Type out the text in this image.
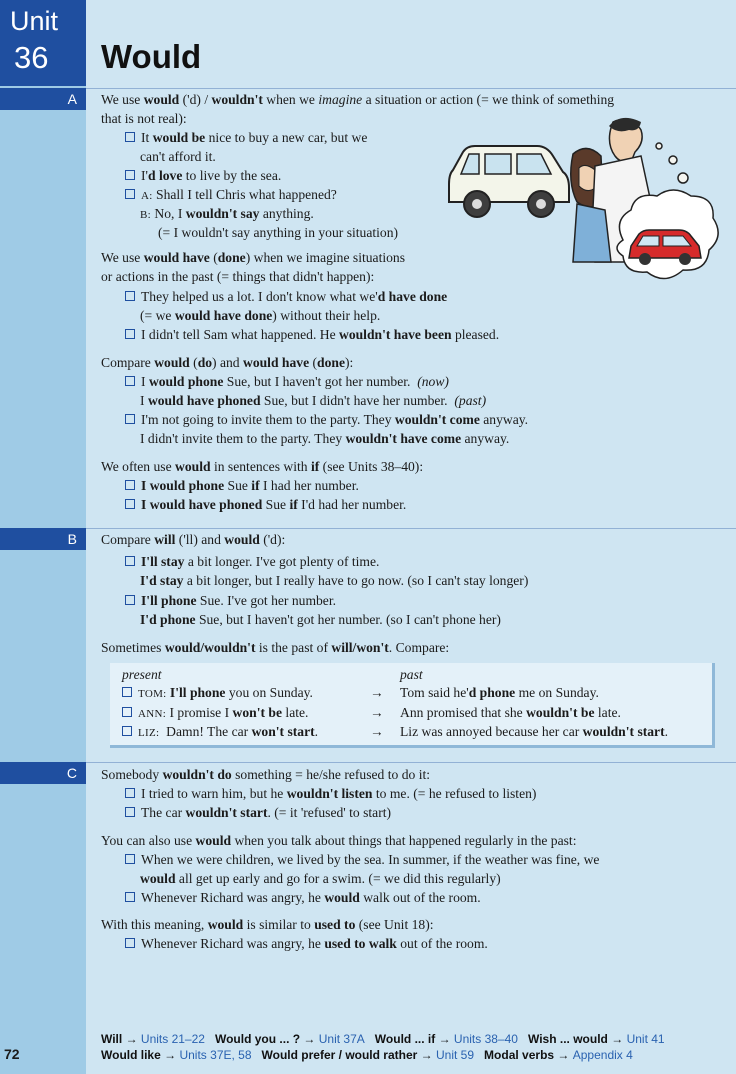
Unit
36 Would
A
B
C
We use would ('d) / wouldn't when we imagine a situation or action (= we think of something
that is not real):
It would be nice to buy a new car, but we
can't afford it.
I'd love to live by the sea.
A: Shall I tell Chris what happened?
B: No, I wouldn't say anything.
(= I wouldn't say anything in your situation)
We use would have (done) when we imagine situations
or actions in the past (= things that didn't happen):
They helped us a lot. I don't know what we'd have done
(= we would have done) without their help.
I didn't tell Sam what happened. He wouldn't have been pleased.
Compare would (do) and would have (done):
I would phone Sue, but I haven't got her number. (now)
I would have phoned Sue, but I didn't have her number. (past)
I'm not going to invite them to the party. They wouldn't come anyway.
I didn't invite them to the party. They wouldn't have come anyway.
We often use would in sentences with if (see Units 38–40):
I would phone Sue if I had her number.
I would have phoned Sue if I'd had her number.
Compare will ('ll) and would ('d):
I'll stay a bit longer. I've got plenty of time.
I'd stay a bit longer, but I really have to go now. (so I can't stay longer)
I'll phone Sue. I've got her number.
I'd phone Sue, but I haven't got her number. (so I can't phone her)
Sometimes would/wouldn't is the past of will/won't. Compare:
present	past
TOM: I'll phone you on Sunday.	→ Tom said he'd phone me on Sunday.
ANN: I promise I won't be late.	→ Ann promised that she wouldn't be late.
LIZ: Damn! The car won't start.	→ Liz was annoyed because her car wouldn't start.
Somebody wouldn't do something = he/she refused to do it:
I tried to warn him, but he wouldn't listen to me. (= he refused to listen)
The car wouldn't start. (= it 'refused' to start)
You can also use would when you talk about things that happened regularly in the past:
When we were children, we lived by the sea. In summer, if the weather was fine, we
would all get up early and go for a swim. (= we did this regularly)
Whenever Richard was angry, he would walk out of the room.
With this meaning, would is similar to used to (see Unit 18):
Whenever Richard was angry, he used to walk out of the room.
Will → Units 21–22 Would you ... ? → Unit 37A Would ... if → Units 38–40 Wish ... would → Unit 41
Would like → Units 37E, 58 Would prefer / would rather → Unit 59 Modal verbs → Appendix 4
72
